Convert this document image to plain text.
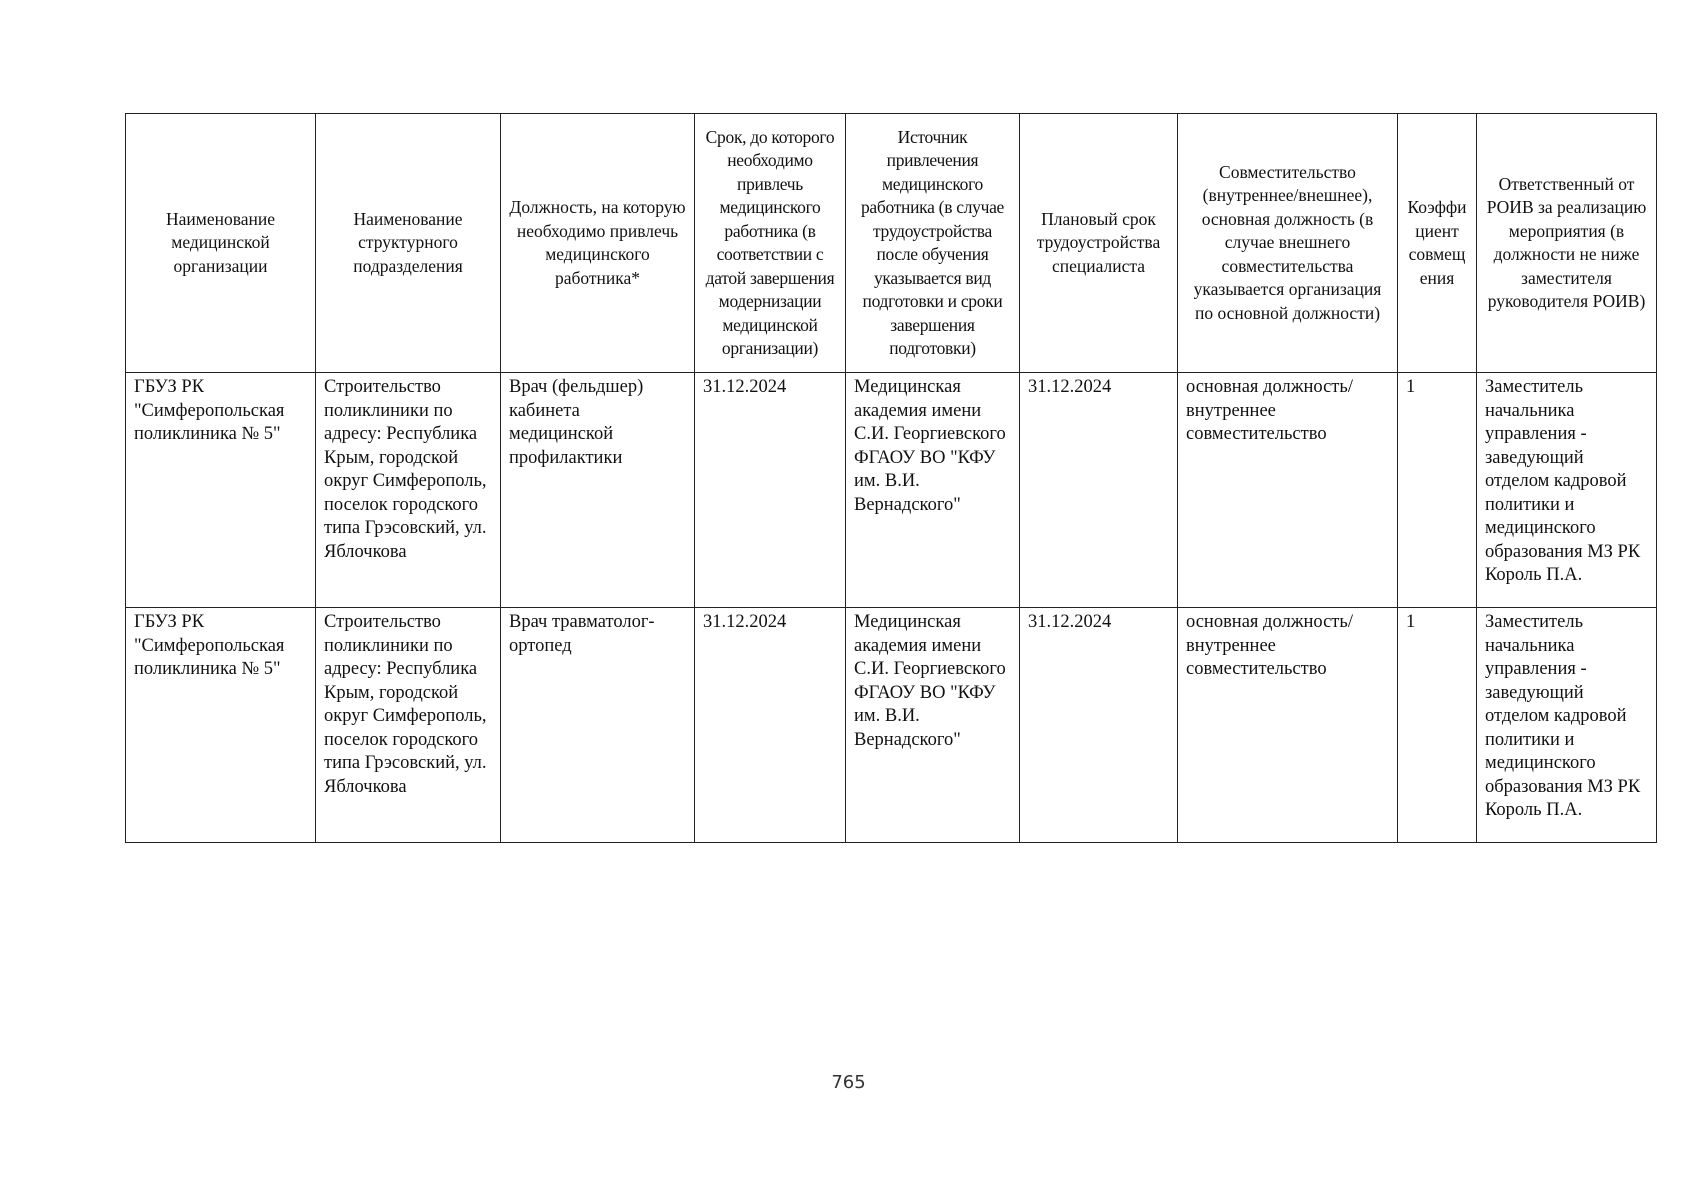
Наименование медицинской организации	Наименование структурного подразделения	Должность, на которую необходимо привлечь медицинского работника*	Срок, до которого необходимо привлечь медицинского работника (в соответствии с датой завершения модернизации медицинской организации)	Источник привлечения медицинского работника (в случае трудоустройства после обучения указывается вид подготовки и сроки завершения подготовки)	Плановый срок трудоустройства специалиста	Совместительство (внутреннее/внешнее), основная должность (в случае внешнего совместительства указывается организация по основной должности)	Коэффициент совмещения	Ответственный от РОИВ за реализацию мероприятия (в должности не ниже заместителя руководителя РОИВ)
ГБУЗ РК "Симферопольская поликлиника № 5"	Строительство поликлиники по адресу: Республика Крым, городской округ Симферополь, поселок городского типа Грэсовский, ул. Яблочкова	Врач (фельдшер) кабинета медицинской профилактики	31.12.2024	Медицинская академия имени С.И. Георгиевского ФГАОУ ВО "КФУ им. В.И. Вернадского"	31.12.2024	основная должность/ внутреннее совместительство	1	Заместитель начальника управления - заведующий отделом кадровой политики и медицинского образования МЗ РК Король П.А.
ГБУЗ РК "Симферопольская поликлиника № 5"	Строительство поликлиники по адресу: Республика Крым, городской округ Симферополь, поселок городского типа Грэсовский, ул. Яблочкова	Врач травматолог-ортопед	31.12.2024	Медицинская академия имени С.И. Георгиевского ФГАОУ ВО "КФУ им. В.И. Вернадского"	31.12.2024	основная должность/ внутреннее совместительство	1	Заместитель начальника управления - заведующий отделом кадровой политики и медицинского образования МЗ РК Король П.А.
765
